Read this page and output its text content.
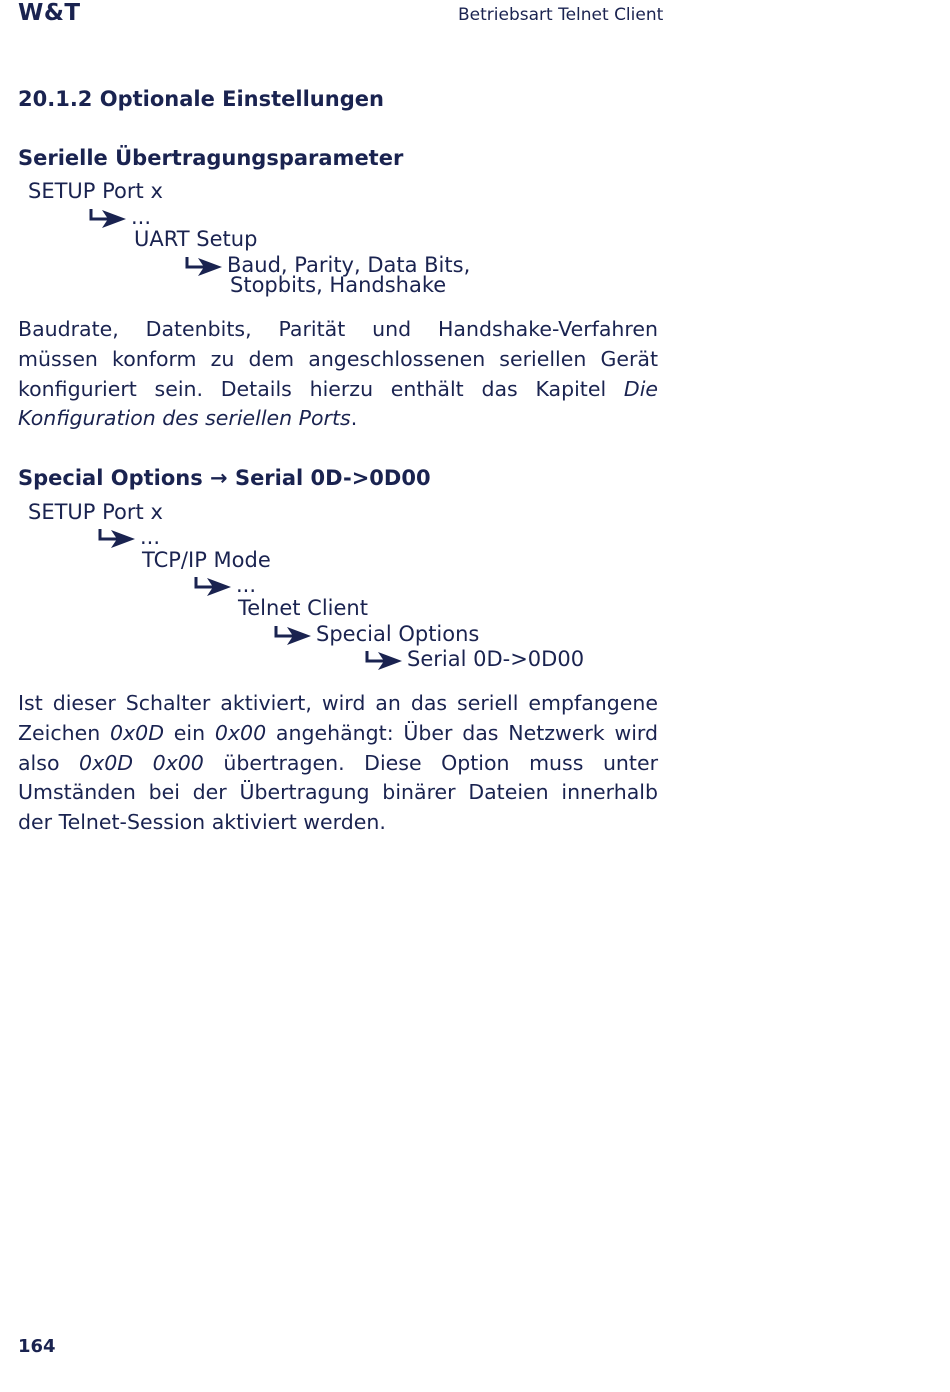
W&T	Betriebsart Telnet Client
20.1.2 Optionale Einstellungen
Serielle Übertragungsparameter
SETUP Port x
...
UART Setup
Baud, Parity, Data Bits,
Stopbits, Handshake

Baudrate, Datenbits, Parität und Handshake-Verfahren müssen konform zu dem angeschlossenen seriellen Gerät konfiguriert sein. Details hierzu enthält das Kapitel Die Konfiguration des seriellen Ports.

Special Options → Serial 0D->0D00
SETUP Port x
...
TCP/IP Mode
...
Telnet Client
Special Options
Serial 0D->0D00

Ist dieser Schalter aktiviert, wird an das seriell empfangene Zeichen 0x0D ein 0x00 angehängt: Über das Netzwerk wird also 0x0D 0x00 übertragen. Diese Option muss unter Umständen bei der Übertragung binärer Dateien innerhalb der Telnet-Session aktiviert werden.

164
